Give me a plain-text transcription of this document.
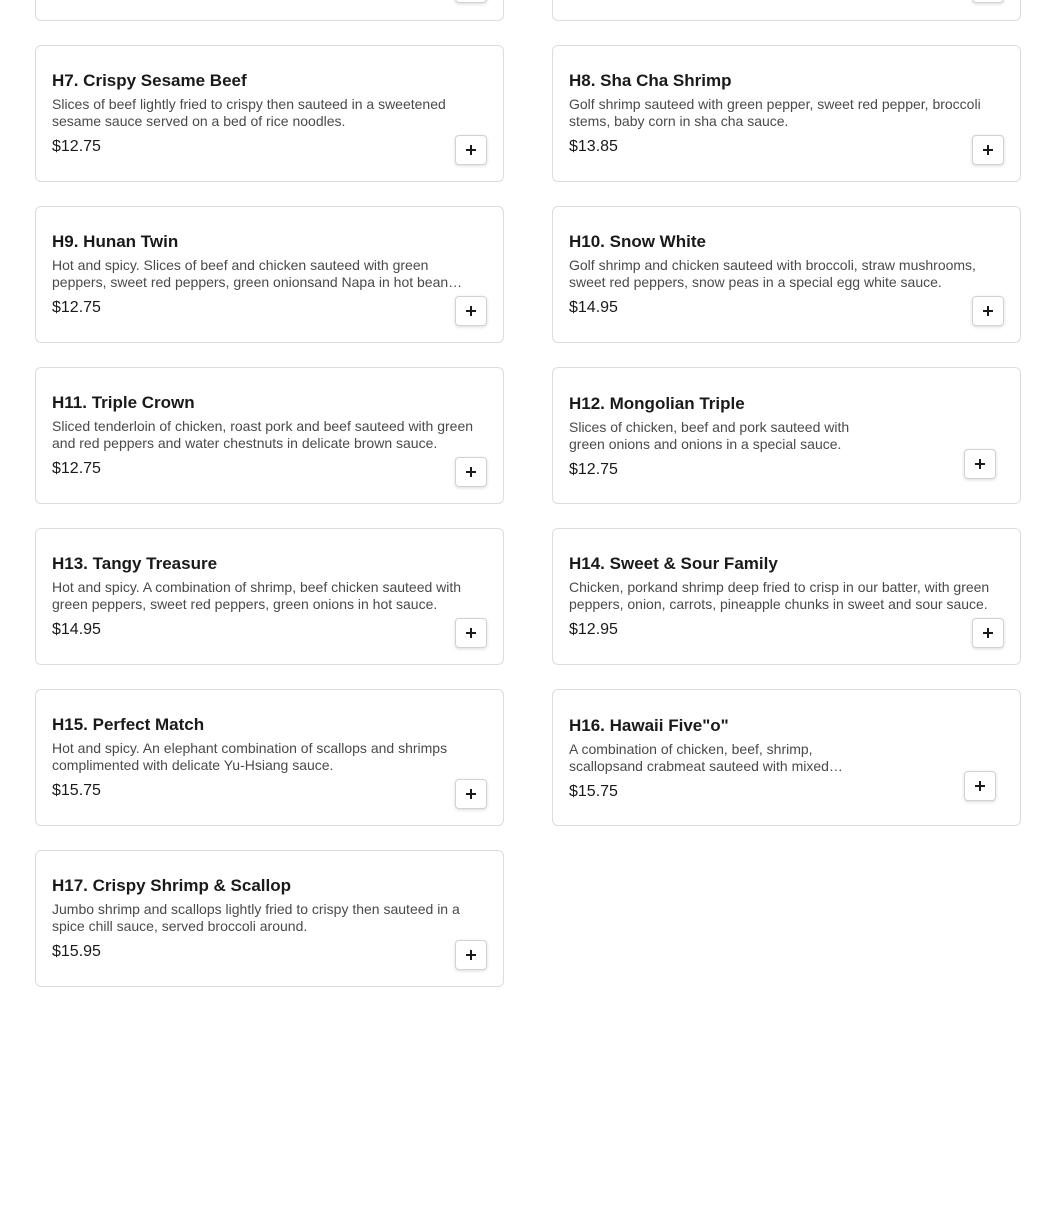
H7. Crispy Sesame Beef
Slices of beef lightly fried to crispy then sauteed in a sweetened sesame sauce served on a bed of rice noodles.
$12.75
H8. Sha Cha Shrimp
Golf shrimp sauteed with green pepper, sweet red pepper, broccoli stems, baby corn in sha cha sauce.
$13.85
H9. Hunan Twin
Hot and spicy. Slices of beef and chicken sauteed with green peppers, sweet red peppers, green onionsand Napa in hot bean
$12.75
H10. Snow White
Golf shrimp and chicken sauteed with broccoli, straw mushrooms, sweet red peppers, snow peas in a special egg white sauce.
$14.95
H11. Triple Crown
Sliced tenderloin of chicken, roast pork and beef sauteed with green and red peppers and water chestnuts in delicate brown sauce.
$12.75
H12. Mongolian Triple
Slices of chicken, beef and pork sauteed with green onions and onions in a special sauce.
$12.75
H13. Tangy Treasure
Hot and spicy. A combination of shrimp, beef chicken sauteed with green peppers, sweet red peppers, green onions in hot sauce.
$14.95
H14. Sweet & Sour Family
Chicken, porkand shrimp deep fried to crisp in our batter, with green peppers, onion, carrots, pineapple chunks in sweet and sour sauce.
$12.95
H15. Perfect Match
Hot and spicy. An elephant combination of scallops and shrimps complimented with delicate Yu-Hsiang sauce.
$15.75
H16. Hawaii Five"o"
A combination of chicken, beef, shrimp, scallopsand crabmeat sauteed with mixed
$15.75
H17. Crispy Shrimp & Scallop
Jumbo shrimp and scallops lightly fried to crispy then sauteed in a spice chill sauce, served broccoli around.
$15.95
